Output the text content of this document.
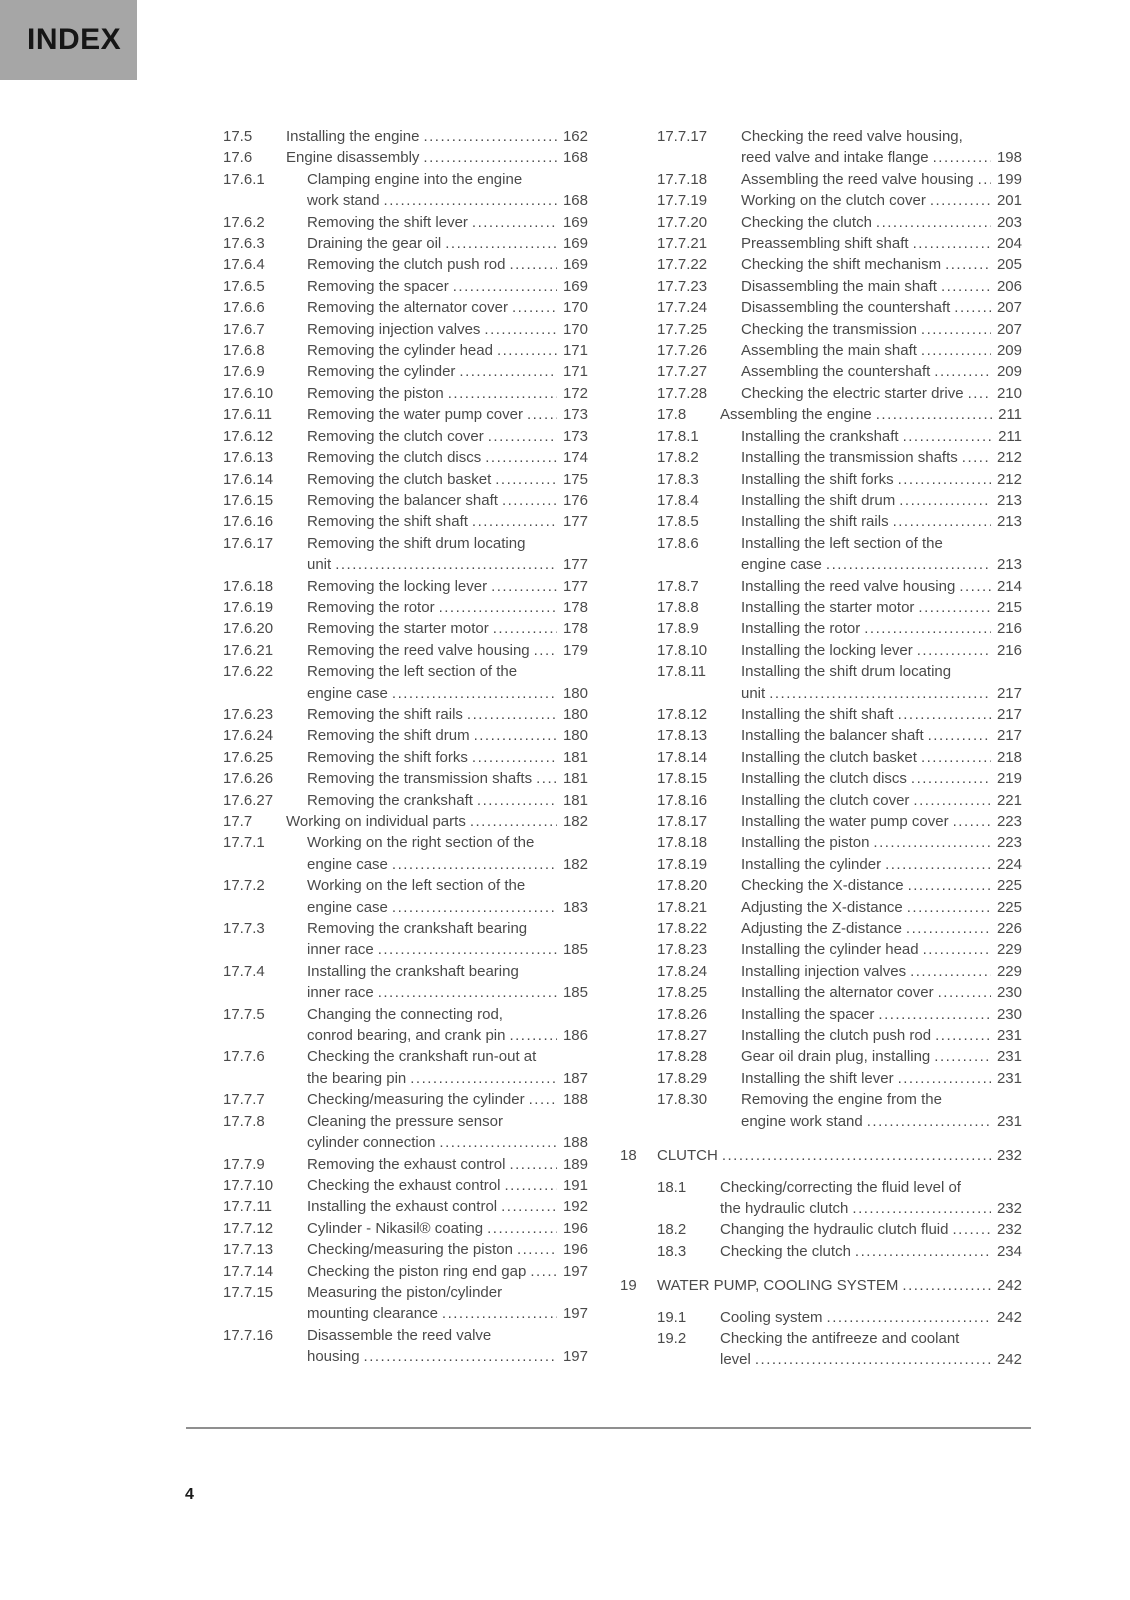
INDEX
17.5	Installing the engine .....	162
17.6	Engine disassembly .....	168
17.6.1	Clamping engine into the engine
work stand .....	168
17.6.2	Removing the shift lever .....	169
17.6.3	Draining the gear oil .....	169
17.6.4	Removing the clutch push rod .....	169
17.6.5	Removing the spacer .....	169
17.6.6	Removing the alternator cover .....	170
17.6.7	Removing injection valves .....	170
17.6.8	Removing the cylinder head .....	171
17.6.9	Removing the cylinder .....	171
17.6.10	Removing the piston .....	172
17.6.11	Removing the water pump cover .....	173
17.6.12	Removing the clutch cover .....	173
17.6.13	Removing the clutch discs .....	174
17.6.14	Removing the clutch basket .....	175
17.6.15	Removing the balancer shaft .....	176
17.6.16	Removing the shift shaft .....	177
17.6.17	Removing the shift drum locating
unit .....	177
17.6.18	Removing the locking lever .....	177
17.6.19	Removing the rotor .....	178
17.6.20	Removing the starter motor .....	178
17.6.21	Removing the reed valve housing ..... 179
17.6.22	Removing the left section of the
engine case .....	180
17.6.23	Removing the shift rails .....	180
17.6.24	Removing the shift drum .....	180
17.6.25	Removing the shift forks .....	181
17.6.26	Removing the transmission shafts ..... 181
17.6.27	Removing the crankshaft .....	181
17.7	Working on individual parts .....	182
17.7.1	Working on the right section of the
engine case .....	182
17.7.2	Working on the left section of the
engine case .....	183
17.7.3	Removing the crankshaft bearing
inner race .....	185
17.7.4	Installing the crankshaft bearing
inner race .....	185
17.7.5	Changing the connecting rod,
conrod bearing, and crank pin .....	186
17.7.6	Checking the crankshaft run-out at
the bearing pin .....	187
17.7.7	Checking/measuring the cylinder .....	188
17.7.8	Cleaning the pressure sensor
cylinder connection .....	188
17.7.9	Removing the exhaust control .....	189
17.7.10	Checking the exhaust control .....	191
17.7.11	Installing the exhaust control .....	192
17.7.12	Cylinder - Nikasil® coating .....	196
17.7.13	Checking/measuring the piston .....	196
17.7.14	Checking the piston ring end gap ..... 197
17.7.15	Measuring the piston/cylinder
mounting clearance .....	197
17.7.16	Disassemble the reed valve
housing .....	197
17.7.17	Checking the reed valve housing,
reed valve and intake flange .....	198
17.7.18	Assembling the reed valve housing ..... 199
17.7.19	Working on the clutch cover .....	201
17.7.20	Checking the clutch .....	203
17.7.21	Preassembling shift shaft .....	204
17.7.22	Checking the shift mechanism .....	205
17.7.23	Disassembling the main shaft .....	206
17.7.24	Disassembling the countershaft .....	207
17.7.25	Checking the transmission .....	207
17.7.26	Assembling the main shaft .....	209
17.7.27	Assembling the countershaft .....	209
17.7.28	Checking the electric starter drive ..... 210
17.8	Assembling the engine .....	211
17.8.1	Installing the crankshaft .....	211
17.8.2	Installing the transmission shafts .....	212
17.8.3	Installing the shift forks .....	212
17.8.4	Installing the shift drum .....	213
17.8.5	Installing the shift rails .....	213
17.8.6	Installing the left section of the
engine case .....	213
17.8.7	Installing the reed valve housing .....	214
17.8.8	Installing the starter motor .....	215
17.8.9	Installing the rotor .....	216
17.8.10	Installing the locking lever .....	216
17.8.11	Installing the shift drum locating
unit .....	217
17.8.12	Installing the shift shaft .....	217
17.8.13	Installing the balancer shaft .....	217
17.8.14	Installing the clutch basket .....	218
17.8.15	Installing the clutch discs .....	219
17.8.16	Installing the clutch cover .....	221
17.8.17	Installing the water pump cover .....	223
17.8.18	Installing the piston .....	223
17.8.19	Installing the cylinder .....	224
17.8.20	Checking the X-distance .....	225
17.8.21	Adjusting the X-distance .....	225
17.8.22	Adjusting the Z-distance .....	226
17.8.23	Installing the cylinder head .....	229
17.8.24	Installing injection valves .....	229
17.8.25	Installing the alternator cover .....	230
17.8.26	Installing the spacer .....	230
17.8.27	Installing the clutch push rod .....	231
17.8.28	Gear oil drain plug, installing .....	231
17.8.29	Installing the shift lever .....	231
17.8.30	Removing the engine from the
engine work stand .....	231
18	CLUTCH .....	232
18.1	Checking/correcting the fluid level of
the hydraulic clutch .....	232
18.2	Changing the hydraulic clutch fluid .....	232
18.3	Checking the clutch .....	234
19	WATER PUMP, COOLING SYSTEM .....	242
19.1	Cooling system .....	242
19.2	Checking the antifreeze and coolant
level .....	242
4
